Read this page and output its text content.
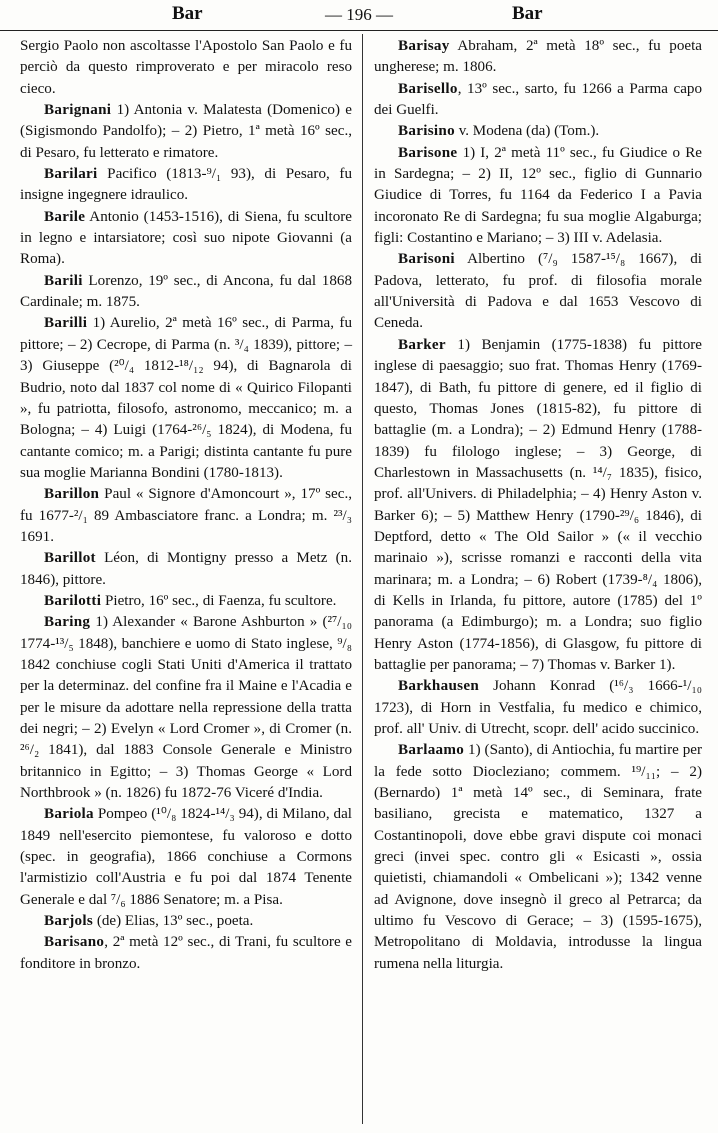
Bar	— 196 —	Bar

Sergio Paolo non ascoltasse l'Apostolo San Paolo e fu perciò da questo rimproverato e per miracolo reso cieco.

Barignani 1) Antonia v. Malatesta (Domenico) e (Sigismondo Pandolfo); – 2) Pietro, 1ª metà 16º sec., di Pesaro, fu letterato e rimatore.

Barilari Pacifico (1813-⁹/₁ 93), di Pesaro, fu insigne ingegnere idraulico.

Barile Antonio (1453-1516), di Siena, fu scultore in legno e intarsiatore; così suo nipote Giovanni (a Roma).

Barili Lorenzo, 19º sec., di Ancona, fu dal 1868 Cardinale; m. 1875.

Barilli 1) Aurelio, 2ª metà 16º sec., di Parma, fu pittore; – 2) Cecrope, di Parma (n. ³/₄ 1839), pittore; – 3) Giuseppe (²⁰/₄ 1812-¹⁸/₁₂ 94), di Bagnarola di Budrio, noto dal 1837 col nome di « Quirico Filopanti », fu patriotta, filosofo, astronomo, meccanico; m. a Bologna; – 4) Luigi (1764-²⁶/₅ 1824), di Modena, fu cantante comico; m. a Parigi; distinta cantante fu pure sua moglie Marianna Bondini (1780-1813).

Barillon Paul « Signore d'Amoncourt », 17º sec., fu 1677-²/₁ 89 Ambasciatore franc. a Londra; m. ²³/₃ 1691.

Barillot Léon, di Montigny presso a Metz (n. 1846), pittore.

Barilotti Pietro, 16º sec., di Faenza, fu scultore.

Baring 1) Alexander « Barone Ashburton » (²⁷/₁₀ 1774-¹³/₅ 1848), banchiere e uomo di Stato inglese, ⁹/₈ 1842 conchiuse cogli Stati Uniti d'America il trattato per la determinaz. del confine fra il Maine e l'Acadia e per le misure da adottare nella repressione della tratta dei negri; – 2) Evelyn « Lord Cromer », di Cromer (n. ²⁶/₂ 1841), dal 1883 Console Generale e Ministro britannico in Egitto; – 3) Thomas George « Lord Northbrook » (n. 1826) fu 1872-76 Viceré d'India.

Bariola Pompeo (¹⁰/₈ 1824-¹⁴/₃ 94), di Milano, dal 1849 nell'esercito piemontese, fu valoroso e dotto (spec. in geografia), 1866 conchiuse a Cormons l'armistizio coll'Austria e fu poi dal 1874 Tenente Generale e dal ⁷/₆ 1886 Senatore; m. a Pisa.

Barjols (de) Elias, 13º sec., poeta.

Barisano, 2ª metà 12º sec., di Trani, fu scultore e fonditore in bronzo.

Barisay Abraham, 2ª metà 18º sec., fu poeta ungherese; m. 1806.

Barisello, 13º sec., sarto, fu 1266 a Parma capo dei Guelfi.

Barisino v. Modena (da) (Tom.).

Barisone 1) I, 2ª metà 11º sec., fu Giudice o Re in Sardegna; – 2) II, 12º sec., figlio di Gunnario Giudice di Torres, fu 1164 da Federico I a Pavia incoronato Re di Sardegna; fu sua moglie Algaburga; figli: Costantino e Mariano; – 3) III v. Adelasia.

Barisoni Albertino (⁷/₉ 1587-¹⁵/₈ 1667), di Padova, letterato, fu prof. di filosofia morale all'Università di Padova e dal 1653 Vescovo di Ceneda.

Barker 1) Benjamin (1775-1838) fu pittore inglese di paesaggio; suo frat. Thomas Henry (1769-1847), di Bath, fu pittore di genere, ed il figlio di questo, Thomas Jones (1815-82), fu pittore di battaglie (m. a Londra); – 2) Edmund Henry (1788-1839) fu filologo inglese; – 3) George, di Charlestown in Massachusetts (n. ¹⁴/₇ 1835), fisico, prof. all'Univers. di Philadelphia; – 4) Henry Aston v. Barker 6); – 5) Matthew Henry (1790-²⁹/₆ 1846), di Deptford, detto « The Old Sailor » (« il vecchio marinaio »), scrisse romanzi e racconti della vita marinara; m. a Londra; – 6) Robert (1739-⁸/₄ 1806), di Kells in Irlanda, fu pittore, autore (1785) del 1º panorama (a Edimburgo); m. a Londra; suo figlio Henry Aston (1774-1856), di Glasgow, fu pittore di battaglie per panorama; – 7) Thomas v. Barker 1).

Barkhausen Johann Konrad (¹⁶/₃ 1666-¹/₁₀ 1723), di Horn in Vestfalia, fu medico e chimico, prof. all' Univ. di Utrecht, scopr. dell' acido succinico.

Barlaamo 1) (Santo), di Antiochia, fu martire per la fede sotto Diocleziano; commem. ¹⁹/₁₁; – 2) (Bernardo) 1ª metà 14º sec., di Seminara, frate basiliano, grecista e matematico, 1327 a Costantinopoli, dove ebbe gravi dispute coi monaci greci (invei spec. contro gli « Esicasti », ossia quietisti, chiamandoli « Ombelicani »); 1342 venne ad Avignone, dove insegnò il greco al Petrarca; da ultimo fu Vescovo di Gerace; – 3) (1595-1675), Metropolitano di Moldavia, introdusse la lingua rumena nella liturgia.
